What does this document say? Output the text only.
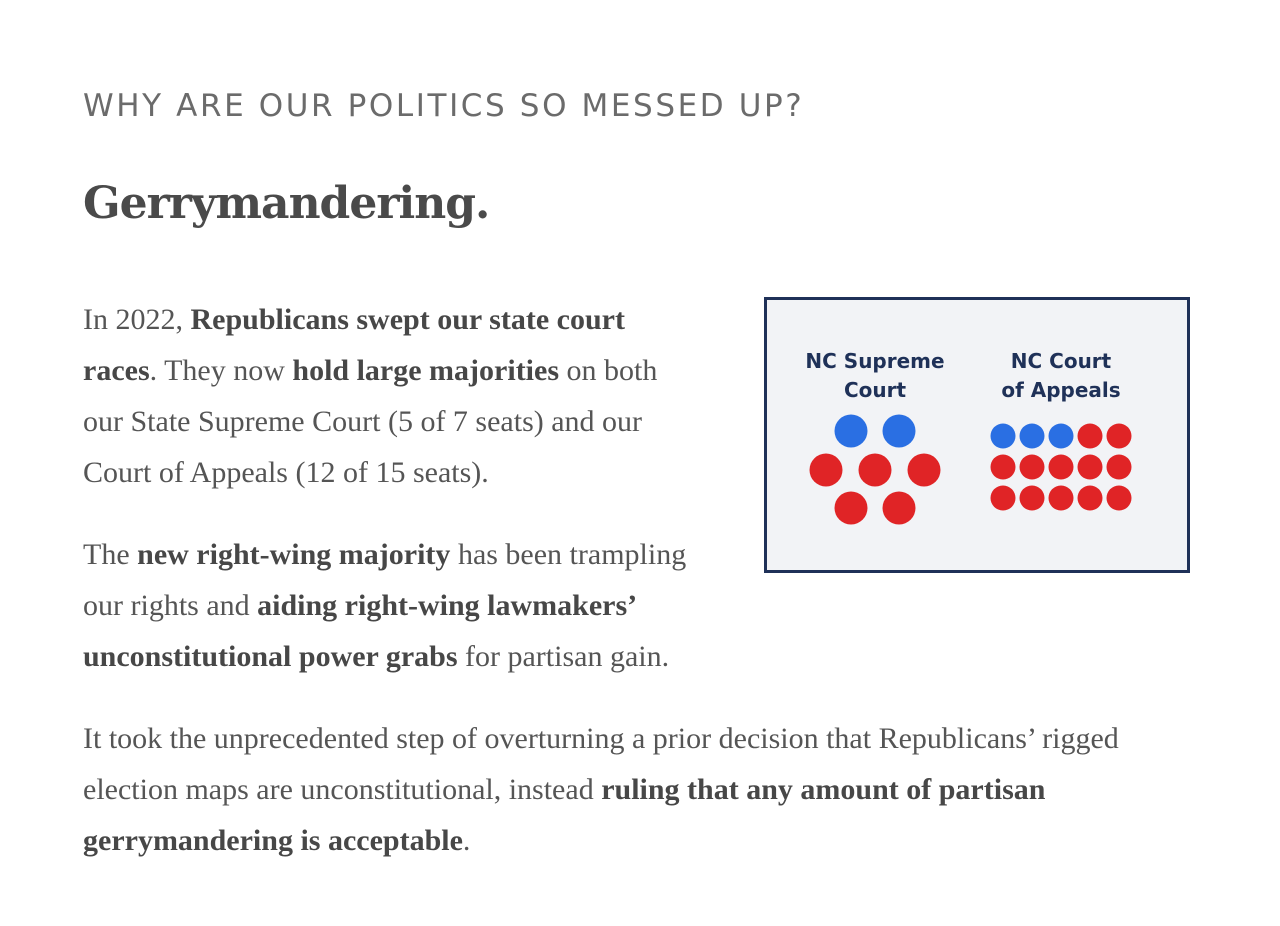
WHY ARE OUR POLITICS SO MESSED UP?
Gerrymandering.

In 2022, Republicans swept our state court races. They now hold large majorities on both our State Supreme Court (5 of 7 seats) and our Court of Appeals (12 of 15 seats).

The new right-wing majority has been trampling our rights and aiding right-wing lawmakers’ unconstitutional power grabs for partisan gain.

It took the unprecedented step of overturning a prior decision that Republicans’ rigged election maps are unconstitutional, instead ruling that any amount of partisan gerrymandering is acceptable.

NC Supreme
Court
NC Court
of Appeals
